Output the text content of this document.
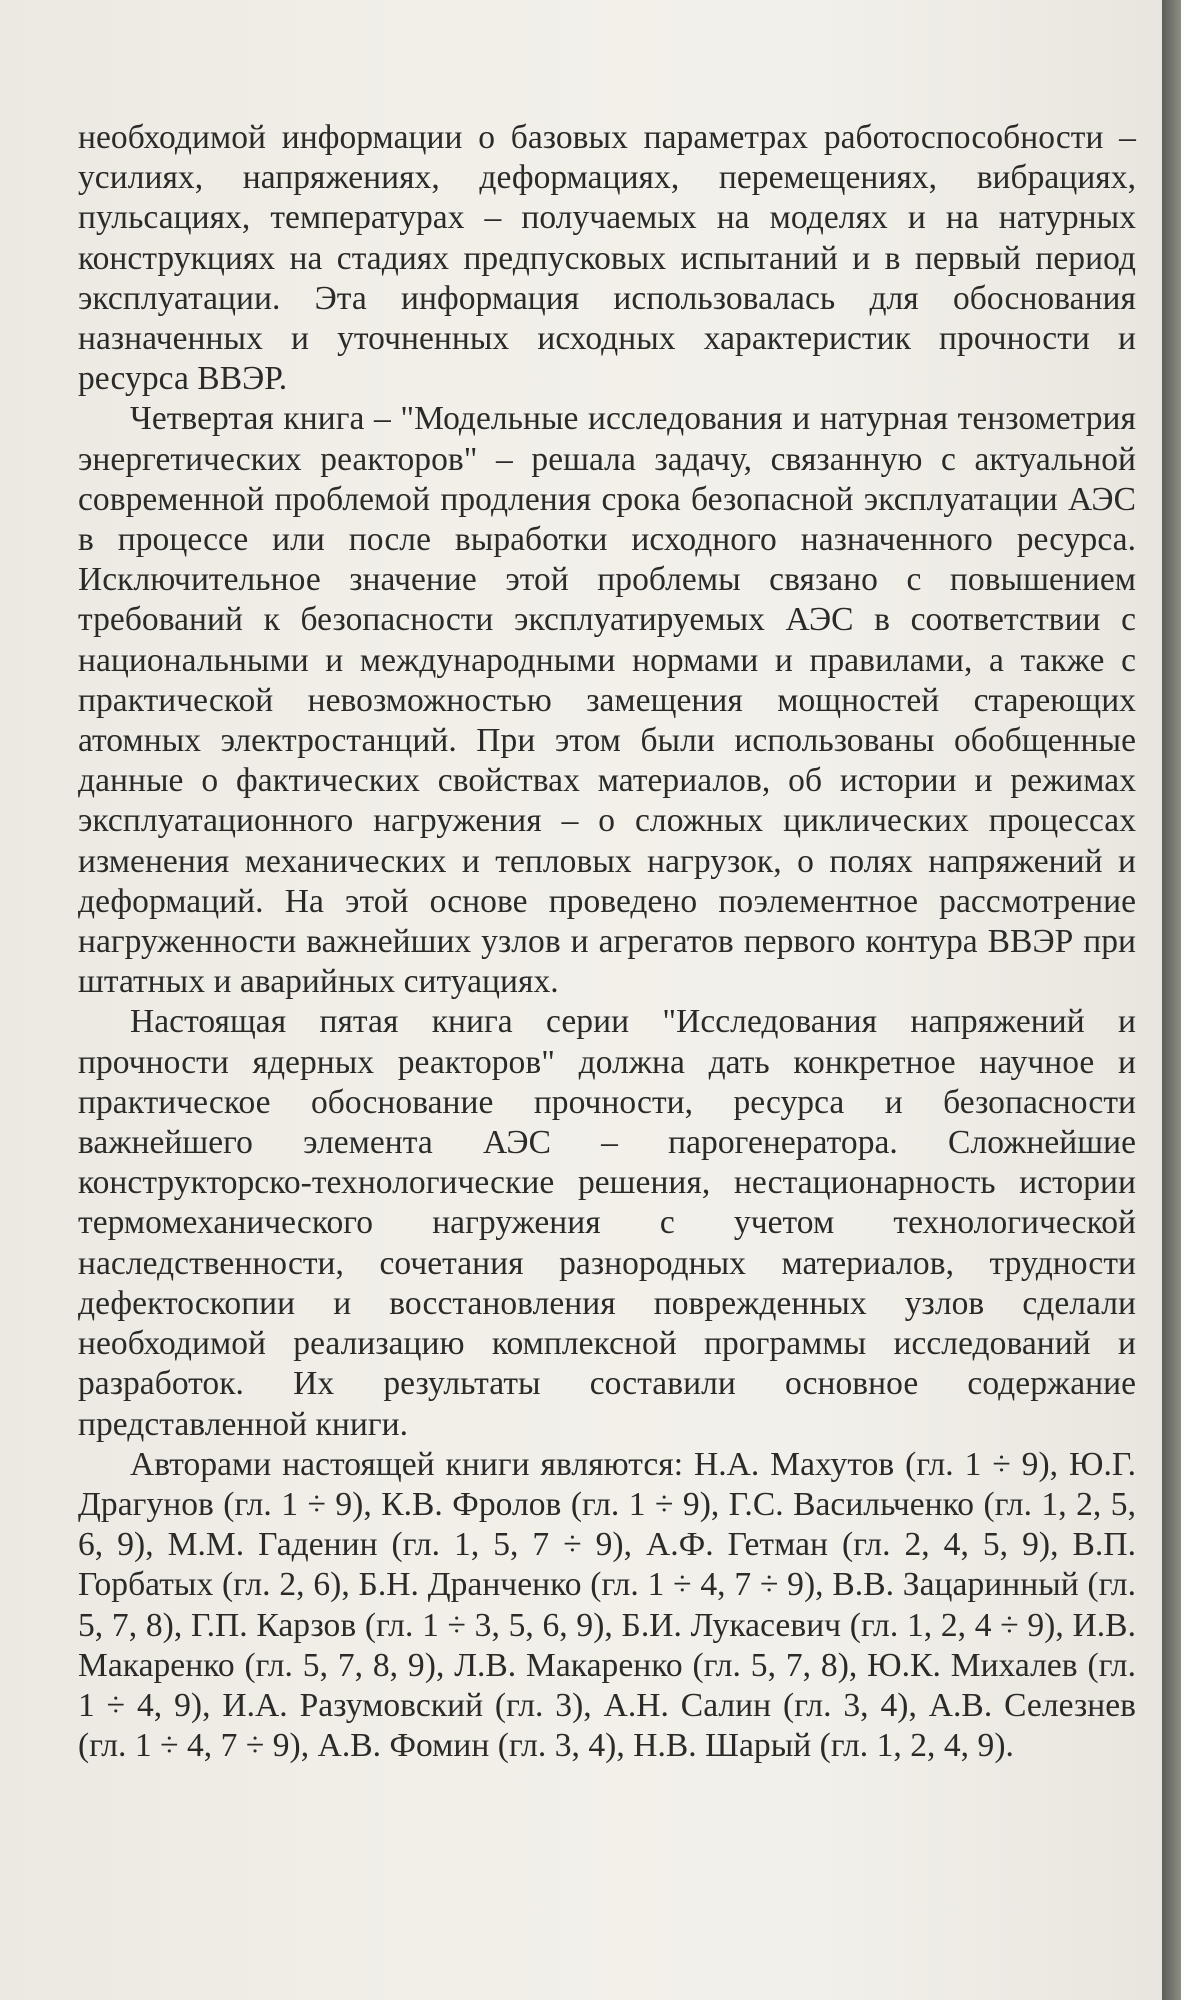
необходимой информации о базовых параметрах работоспособности – усилиях, напряжениях, деформациях, перемещениях, вибрациях, пульсациях, температурах – получаемых на моделях и на натурных конструкциях на стадиях предпусковых испытаний и в первый период эксплуатации. Эта информация использовалась для обоснования назначенных и уточненных исходных характеристик прочности и ресурса ВВЭР.

Четвертая книга – "Модельные исследования и натурная тензометрия энергетических реакторов" – решала задачу, связанную с актуальной современной проблемой продления срока безопасной эксплуатации АЭС в процессе или после выработки исходного назначенного ресурса. Исключительное значение этой проблемы связано с повышением требований к безопасности эксплуатируемых АЭС в соответствии с национальными и международными нормами и правилами, а также с практической невозможностью замещения мощностей стареющих атомных электростанций. При этом были использованы обобщенные данные о фактических свойствах материалов, об истории и режимах эксплуатационного нагружения – о сложных циклических процессах изменения механических и тепловых нагрузок, о полях напряжений и деформаций. На этой основе проведено поэлементное рассмотрение нагруженности важнейших узлов и агрегатов первого контура ВВЭР при штатных и аварийных ситуациях.

Настоящая пятая книга серии "Исследования напряжений и прочности ядерных реакторов" должна дать конкретное научное и практическое обоснование прочности, ресурса и безопасности важнейшего элемента АЭС – парогенератора. Сложнейшие конструкторско-технологические решения, нестационарность истории термомеханического нагружения с учетом технологической наследственности, сочетания разнородных материалов, трудности дефектоскопии и восстановления поврежденных узлов сделали необходимой реализацию комплексной программы исследований и разработок. Их результаты составили основное содержание представленной книги.

Авторами настоящей книги являются: Н.А. Махутов (гл. 1 ÷ 9), Ю.Г. Драгунов (гл. 1 ÷ 9), К.В. Фролов (гл. 1 ÷ 9), Г.С. Васильченко (гл. 1, 2, 5, 6, 9), М.М. Гаденин (гл. 1, 5, 7 ÷ 9), А.Ф. Гетман (гл. 2, 4, 5, 9), В.П. Горбатых (гл. 2, 6), Б.Н. Дранченко (гл. 1 ÷ 4, 7 ÷ 9), В.В. Зацаринный (гл. 5, 7, 8), Г.П. Карзов (гл. 1 ÷ 3, 5, 6, 9), Б.И. Лукасевич (гл. 1, 2, 4 ÷ 9), И.В. Макаренко (гл. 5, 7, 8, 9), Л.В. Макаренко (гл. 5, 7, 8), Ю.К. Михалев (гл. 1 ÷ 4, 9), И.А. Разумовский (гл. 3), А.Н. Салин (гл. 3, 4), А.В. Селезнев (гл. 1 ÷ 4, 7 ÷ 9), А.В. Фомин (гл. 3, 4), Н.В. Шарый (гл. 1, 2, 4, 9).
